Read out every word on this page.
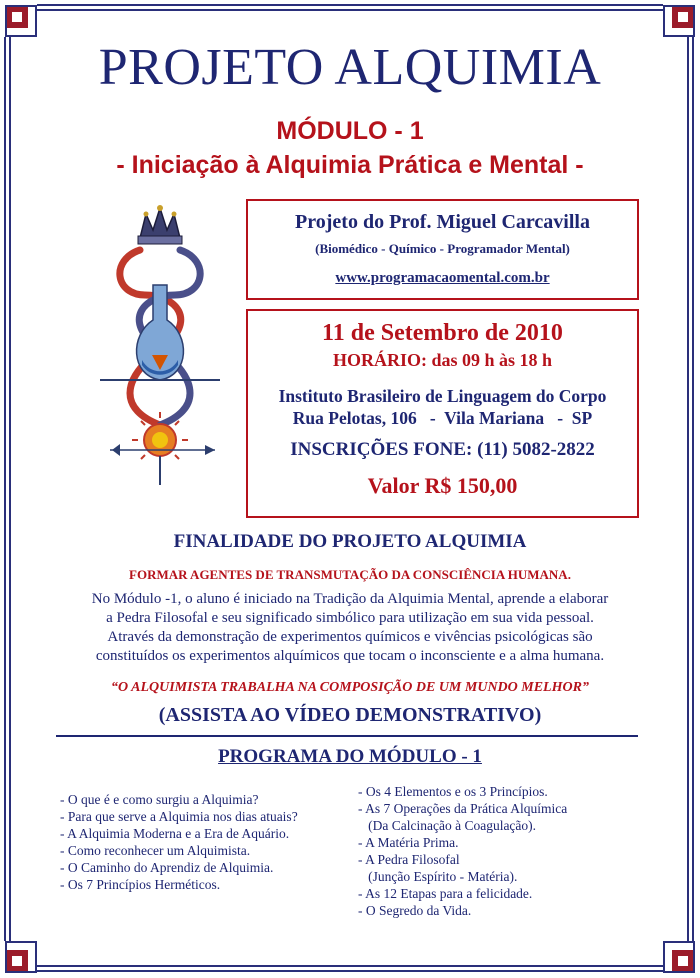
PROJETO ALQUIMIA
MÓDULO - 1
- Iniciação à Alquimia Prática e Mental -
Projeto do Prof. Miguel Carcavilla
(Biomédico - Químico - Programador Mental)
www.programacaomental.com.br
11 de Setembro de 2010
HORÁRIO: das 09 h às 18 h
Instituto Brasileiro de Linguagem do Corpo
Rua Pelotas, 106   -  Vila Mariana   -  SP
INSCRIÇÕES FONE: (11) 5082-2822
Valor R$ 150,00
FINALIDADE DO PROJETO ALQUIMIA
FORMAR AGENTES DE TRANSMUTAÇÃO DA CONSCIÊNCIA HUMANA.
No Módulo -1, o aluno é iniciado na Tradição da Alquimia Mental, aprende a elaborar
a Pedra Filosofal e seu significado simbólico para utilização em sua vida pessoal.
Através da demonstração de experimentos químicos e vivências psicológicas são
constituídos os experimentos alquímicos que tocam o inconsciente e a alma humana.
“O ALQUIMISTA TRABALHA NA COMPOSIÇÃO DE UM MUNDO MELHOR”
(ASSISTA AO VÍDEO DEMONSTRATIVO)
PROGRAMA DO MÓDULO - 1
- O que é e como surgiu a Alquimia?
- Para que serve a Alquimia nos dias atuais?
- A Alquimia Moderna e a Era de Aquário.
- Como reconhecer um Alquimista.
- O Caminho do Aprendiz de Alquimia.
- Os 7 Princípios Herméticos.
- Os 4 Elementos e os 3 Princípios.
- As 7 Operações da Prática Alquímica
(Da Calcinação à Coagulação).
- A Matéria Prima.
- A Pedra Filosofal
(Junção Espírito - Matéria).
- As 12 Etapas para a felicidade.
- O Segredo da Vida.
